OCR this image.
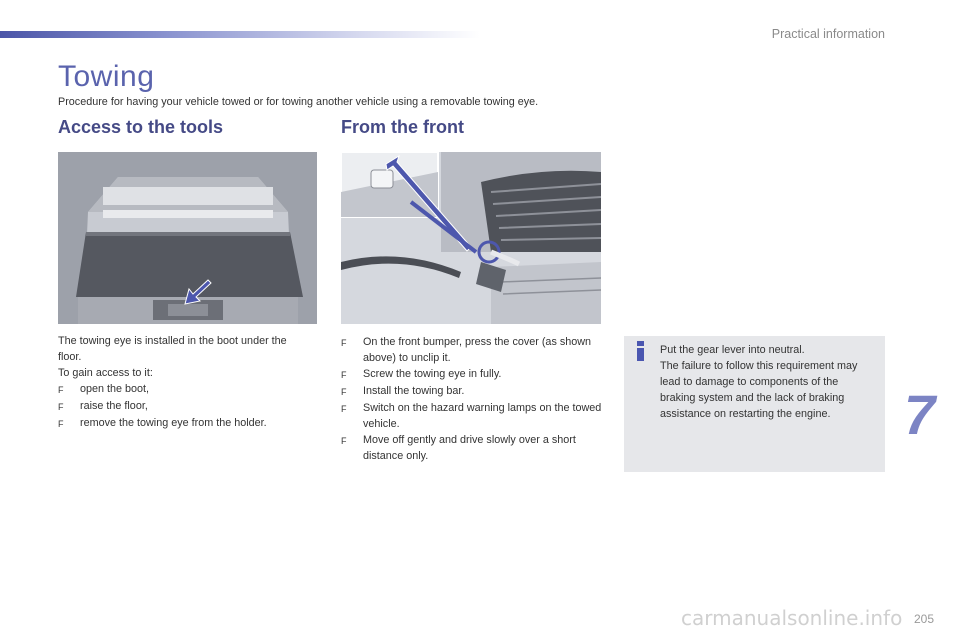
Practical information
Towing
Procedure for having your vehicle towed or for towing another vehicle using a removable towing eye.
Access to the tools	From the front
The towing eye is installed in the boot under the floor.
To gain access to it:
F	open the boot,
F	raise the floor,
F	remove the towing eye from the holder.
F	On the front bumper, press the cover (as shown above) to unclip it.
F	Screw the towing eye in fully.
F	Install the towing bar.
F	Switch on the hazard warning lamps on the towed vehicle.
F	Move off gently and drive slowly over a short distance only.
Put the gear lever into neutral.
The failure to follow this requirement may lead to damage to components of the braking system and the lack of braking assistance on restarting the engine.	7
carmanualsonline.info 205
